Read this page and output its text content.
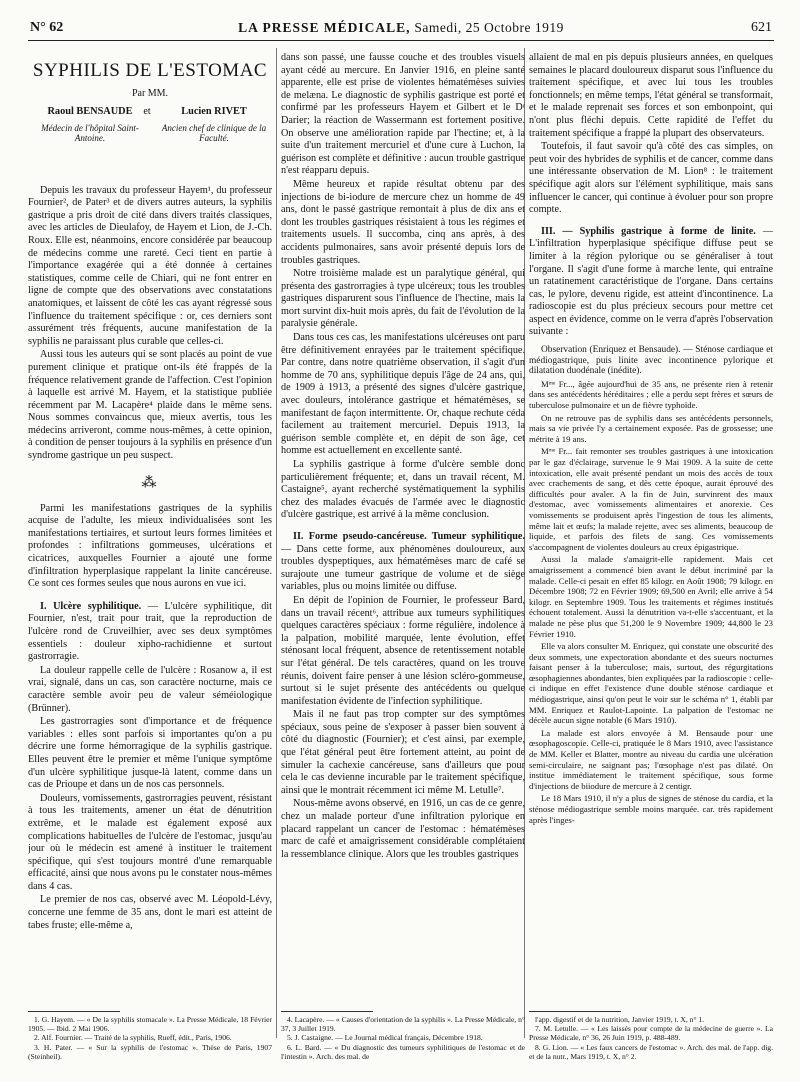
N° 62	LA PRESSE MÉDICALE, Samedi, 25 Octobre 1919	621
SYPHILIS DE L'ESTOMAC
Par MM.
Raoul BENSAUDE
Médecin de l'hôpital Saint-Antoine.
et	Lucien RIVET
Ancien chef de clinique de la Faculté.

Depuis les travaux du professeur Hayem¹, du professeur Fournier², de Pater³ et de divers autres auteurs, la syphilis gastrique a pris droit de cité dans divers traités classiques, avec les articles de Dieulafoy, de Hayem et Lion, de J.-Ch. Roux. Elle est, néanmoins, encore considérée par beaucoup de médecins comme une rareté. Ceci tient en partie à l'importance exagérée qui a été donnée à certaines statistiques, comme celle de Chiari, qui ne font entrer en ligne de compte que des observations avec constatations anatomiques, et laissent de côté les cas ayant régressé sous l'influence du traitement spécifique : or, ces derniers sont assurément très fréquents, aucune manifestation de la syphilis ne paraissant plus curable que celles-ci.

Aussi tous les auteurs qui se sont placés au point de vue purement clinique et pratique ont-ils été frappés de la fréquence relativement grande de l'affection. C'est l'opinion à laquelle est arrivé M. Hayem, et la statistique publiée récemment par M. Lacapère⁴ plaide dans le même sens. Nous sommes convaincus que, mieux avertis, tous les médecins arriveront, comme nous-mêmes, à cette opinion, à condition de penser toujours à la syphilis en présence d'un syndrome gastrique un peu suspect.

⁂

Parmi les manifestations gastriques de la syphilis acquise de l'adulte, les mieux individualisées sont les manifestations tertiaires, et surtout leurs formes limitées et profondes : infiltrations gommeuses, ulcérations et cicatrices, auxquelles Fournier a ajouté une forme d'infiltration hyperplasique rappelant la linite cancéreuse. Ce sont ces formes seules que nous aurons en vue ici.

I. Ulcère syphilitique. — L'ulcère syphilitique, dit Fournier, n'est, trait pour trait, que la reproduction de l'ulcère rond de Cruveilhier, avec ses deux symptômes essentiels : douleur xipho-rachidienne et surtout gastrorragie.

La douleur rappelle celle de l'ulcère : Rosanow a, il est vrai, signalé, dans un cas, son caractère nocturne, mais ce caractère semble avoir peu de valeur séméiologique (Brünner).

Les gastrorragies sont d'importance et de fréquence variables : elles sont parfois si importantes qu'on a pu décrire une forme hémorragique de la syphilis gastrique. Elles peuvent être le premier et même l'unique symptôme d'un ulcère syphilitique jusque-là latent, comme dans un cas de Prioupe et dans un de nos cas personnels.

Douleurs, vomissements, gastrorragies peuvent, résistant à tous les traitements, amener un état de dénutrition extrême, et le malade est également exposé aux complications habituelles de l'ulcère de l'estomac, jusqu'au jour où le médecin est amené à instituer le traitement spécifique, qui s'est toujours montré d'une remarquable efficacité, ainsi que nous avons pu le constater nous-mêmes dans 4 cas.

Le premier de nos cas, observé avec M. Léopold-Lévy, concerne une femme de 35 ans, dont le mari est atteint de tabes fruste; elle-même a,

dans son passé, une fausse couche et des troubles visuels ayant cédé au mercure. En Janvier 1916, en pleine santé apparente, elle est prise de violentes hématémèses suivies de melæna. Le diagnostic de syphilis gastrique est porté et confirmé par les professeurs Hayem et Gilbert et le Dʳ Darier; la réaction de Wassermann est fortement positive. On observe une amélioration rapide par l'hectine; et, à la suite d'un traitement mercuriel et d'une cure à Luchon, la guérison est complète et définitive : aucun trouble gastrique n'est réapparu depuis.

Même heureux et rapide résultat obtenu par des injections de bi-iodure de mercure chez un homme de 49 ans, dont le passé gastrique remontait à plus de dix ans et dont les troubles gastriques résistaient à tous les régimes et traitements usuels. Il succomba, cinq ans après, à des accidents pulmonaires, sans avoir présenté depuis lors de troubles gastriques.

Notre troisième malade est un paralytique général, qui présenta des gastrorragies à type ulcéreux; tous les troubles gastriques disparurent sous l'influence de l'hectine, mais la mort survint dix-huit mois après, du fait de l'évolution de la paralysie générale.

Dans tous ces cas, les manifestations ulcéreuses ont paru être définitivement enrayées par le traitement spécifique. Par contre, dans notre quatrième observation, il s'agit d'un homme de 70 ans, syphilitique depuis l'âge de 24 ans, qui, de 1909 à 1913, a présenté des signes d'ulcère gastrique, avec douleurs, intolérance gastrique et hématémèses, se manifestant de façon intermittente. Or, chaque rechute céda facilement au traitement mercuriel. Depuis 1913, la guérison semble complète et, en dépit de son âge, cet homme est actuellement en excellente santé.

La syphilis gastrique à forme d'ulcère semble donc particulièrement fréquente; et, dans un travail récent, M. Castaigne⁵, ayant recherché systématiquement la syphilis chez des malades évacués de l'armée avec le diagnostic d'ulcère gastrique, est arrivé à la même conclusion.

II. Forme pseudo-cancéreuse. Tumeur syphilitique. — Dans cette forme, aux phénomènes douloureux, aux troubles dyspeptiques, aux hématémèses marc de café se surajoute une tumeur gastrique de volume et de siège variables, plus ou moins limitée ou diffuse.

En dépit de l'opinion de Fournier, le professeur Bard, dans un travail récent⁶, attribue aux tumeurs syphilitiques quelques caractères spéciaux : forme régulière, indolence à la palpation, mobilité marquée, lente évolution, effet sténosant local fréquent, absence de retentissement notable sur l'état général. De tels caractères, quand on les trouve réunis, doivent faire penser à une lésion scléro-gommeuse, surtout si le sujet présente des antécédents ou quelque manifestation évidente de l'infection syphilitique.

Mais il ne faut pas trop compter sur des symptômes spéciaux, sous peine de s'exposer à passer bien souvent à côté du diagnostic (Fournier); et c'est ainsi, par exemple, que l'état général peut être fortement atteint, au point de simuler la cachexie cancéreuse, sans d'ailleurs que pour cela le cas devienne incurable par le traitement spécifique, ainsi que le montrait récemment ici même M. Letulle⁷.

Nous-même avons observé, en 1916, un cas de ce genre, chez un malade porteur d'une infiltration pylorique en placard rappelant un cancer de l'estomac : hématémèses marc de café et amaigrissement considérable complétaient la ressemblance clinique. Alors que les troubles gastriques

allaient de mal en pis depuis plusieurs années, en quelques semaines le placard douloureux disparut sous l'influence du traitement spécifique, et avec lui tous les troubles fonctionnels; en même temps, l'état général se transformait, et le malade reprenait ses forces et son embonpoint, qui n'ont plus fléchi depuis. Cette rapidité de l'effet du traitement spécifique a frappé la plupart des observateurs.

Toutefois, il faut savoir qu'à côté des cas simples, on peut voir des hybrides de syphilis et de cancer, comme dans une intéressante observation de M. Lion⁸ : le traitement spécifique agit alors sur l'élément syphilitique, mais sans influencer le cancer, qui continue à évoluer pour son propre compte.

III. — Syphilis gastrique à forme de linite. — L'infiltration hyperplasique spécifique diffuse peut se limiter à la région pylorique ou se généraliser à tout l'organe. Il s'agit d'une forme à marche lente, qui entraîne un ratatinement caractéristique de l'organe. Dans certains cas, le pylore, devenu rigide, est atteint d'incontinence. La radioscopie est du plus précieux secours pour mettre cet aspect en évidence, comme on le verra d'après l'observation suivante :

Observation (Enriquez et Bensaude). — Sténose cardiaque et médiogastrique, puis linite avec incontinence pylorique et dilatation duodénale (inédite).

Mᵐᵉ Fr..., âgée aujourd'hui de 35 ans, ne présente rien à retenir dans ses antécédents héréditaires ; elle a perdu sept frères et sœurs de tuberculose pulmonaire et un de fièvre typhoïde.

On ne retrouve pas de syphilis dans ses antécédents personnels, mais sa vie privée l'y a certainement exposée. Pas de grossesse; une métrite à 19 ans.

Mᵐᵉ Fr... fait remonter ses troubles gastriques à une intoxication par le gaz d'éclairage, survenue le 9 Mai 1909. A la suite de cette intoxication, elle avait présenté pendant un mois des accès de toux avec crachements de sang, et dès cette époque, aurait éprouvé des difficultés pour avaler. A la fin de Juin, survinrent des maux d'estomac, avec vomissements alimentaires et anorexie. Ces vomissements se produisent après l'ingestion de tous les aliments, même lait et œufs; la malade rejette, avec ses aliments, beaucoup de liquide, et parfois des filets de sang. Ces vomissements s'accompagnent de violentes douleurs au creux épigastrique.

Aussi la malade s'amaigrit-elle rapidement. Mais cet amaigrissement a commencé bien avant le début incriminé par la malade. Celle-ci pesait en effet 85 kilogr. en Août 1908; 79 kilogr. en Décembre 1908; 72 en Février 1909; 69,500 en Avril; elle arrive à 54 kilogr. en Septembre 1909. Tous les traitements et régimes institués échouent totalement. Aussi la dénutrition va-t-elle s'accentuant, et la malade ne pèse plus que 51,200 le 9 Novembre 1909; 44,800 le 23 Février 1910.

Elle va alors consulter M. Enriquez, qui constate une obscurité des deux sommets, une expectoration abondante et des sueurs nocturnes faisant penser à la tuberculose; mais, surtout, des régurgitations œsophagiennes abondantes, bien expliquées par la radioscopie : celle-ci indique en effet l'existence d'une double sténose cardiaque et médiogastrique, ainsi qu'on peut le voir sur le schéma n° 1, établi par MM. Enriquez et Raulot-Lapointe. La palpation de l'estomac ne décèle aucun signe notable (6 Mars 1910).

La malade est alors envoyée à M. Bensaude pour une œsophagoscopie. Celle-ci, pratiquée le 8 Mars 1910, avec l'assistance de MM. Keller et Blatter, montre au niveau du cardia une ulcération semi-circulaire, ne saignant pas; l'œsophage n'est pas dilaté. On institue immédiatement le traitement spécifique, sous forme d'injections de biiodure de mercure à 2 centigr.

Le 18 Mars 1910, il n'y a plus de signes de sténose du cardia, et la sténose médiogastrique semble moins marquée. car. très rapidement après l'inges-

1. G. Hayem. — « De la syphilis stomacale ». La Presse Médicale, 18 Février 1905. — Ibid. 2 Mai 1906.

2. Alf. Fournier. — Traité de la syphilis, Rueff, édit., Paris, 1906.

3. H. Pater. — « Sur la syphilis de l'estomac ». Thèse de Paris, 1907 (Steinheil).

4. Lacapère. — « Causes d'orientation de la syphilis ». La Presse Médicale, n° 37, 3 Juillet 1919.

5. J. Castaigne. — Le Journal médical français, Décembre 1918.

6. L. Bard. — « Du diagnostic des tumeurs syphilitiques de l'estomac et de l'intestin ». Arch. des mal. de

l'app. digestif et de la nutrition, Janvier 1919, t. X, n° 1.

7. M. Letulle. — « Les laissés pour compte de la médecine de guerre ». La Presse Médicale, n° 36, 26 Juin 1919, p. 488-489.

8. G. Lion. — « Les faux cancers de l'estomac ». Arch. des mal. de l'app. dig. et de la nutr., Mars 1919, t. X, n° 2.
